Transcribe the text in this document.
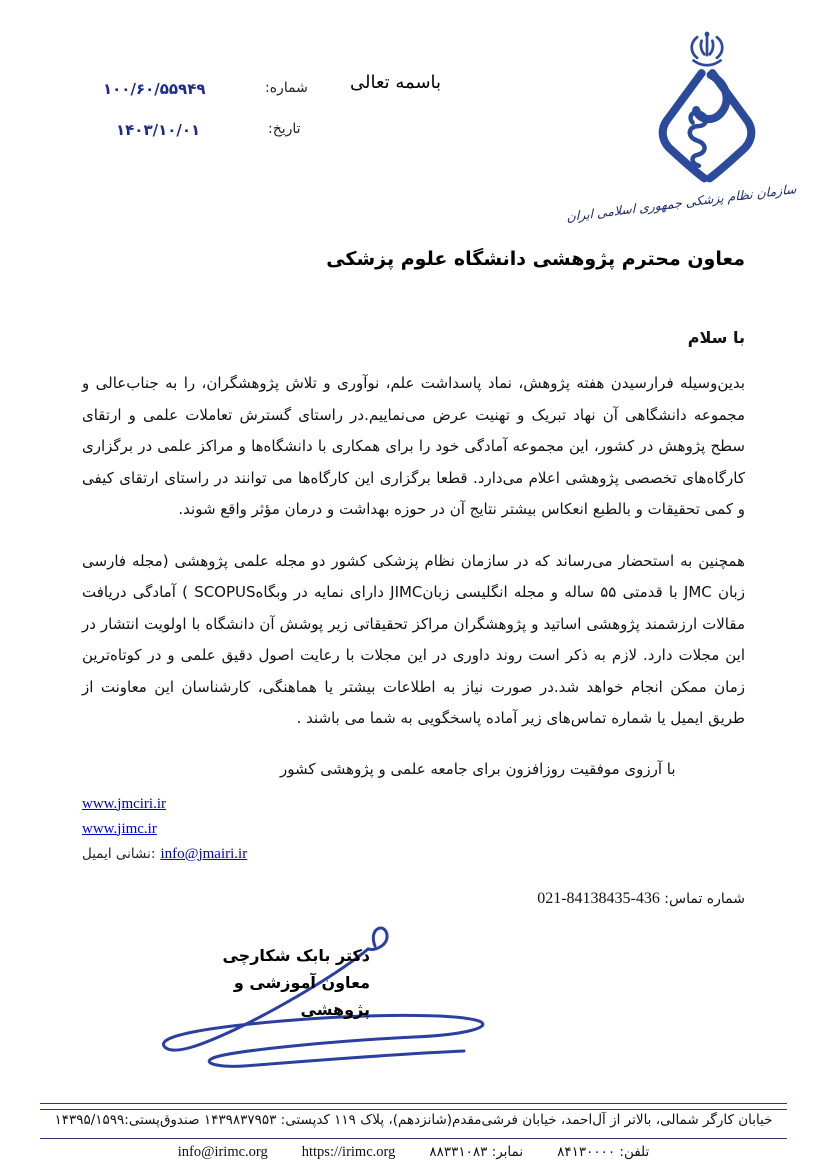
باسمه تعالی
شماره:
۱۰۰/۶۰/۵۵۹۴۹
تاریخ:
۱۴۰۳/۱۰/۰۱
سازمان نظام پزشکی جمهوری اسلامی ایران
معاون محترم پژوهشی دانشگاه علوم پزشکی
با سلام

بدین‌وسیله فرارسیدن هفته پژوهش، نماد پاسداشت علم، نوآوری و تلاش پژوهشگران، را به جناب‌عالی و مجموعه دانشگاهی آن نهاد تبریک و تهنیت عرض می‌نماییم.در راستای گسترش تعاملات علمی و ارتقای سطح پژوهش در کشور، این مجموعه آمادگی خود را برای همکاری با دانشگاه‌ها و مراکز علمی در برگزاری کارگاه‌های تخصصی پژوهشی اعلام می‌دارد. قطعا برگزاری این کارگاه‌ها می توانند در راستای ارتقای کیفی و کمی تحقیقات و بالطبع انعکاس بیشتر نتایج آن در حوزه بهداشت و درمان مؤثر واقع شوند.

همچنین به استحضار می‌رساند که در سازمان نظام پزشکی کشور دو مجله علمی پژوهشی (مجله فارسی زبان JMC با قدمتی ۵۵ ساله و مجله انگلیسی زبانJIMC دارای نمایه در وبگاهSCOPUS ) آمادگی دریافت مقالات ارزشمند پژوهشی اساتید و پژوهشگران مراکز تحقیقاتی زیر پوشش آن دانشگاه با اولویت انتشار در این مجلات دارد. لازم به ذکر است روند داوری در این مجلات با رعایت اصول دقیق علمی و در کوتاه‌ترین زمان ممکن انجام خواهد شد.در صورت نیاز به اطلاعات بیشتر یا هماهنگی، کارشناسان این معاونت از طریق ایمیل یا شماره تماس‌های زیر آماده پاسخگویی به شما می باشند .

با آرزوی موفقیت روزافزون برای جامعه علمی و پژوهشی کشور
www.jmciri.ir
www.jimc.ir
نشانی ایمیل: info@jmairi.ir
شماره تماس: 021-84138435-436
دکتر بابک شکارچی
معاون آموزشی و پژوهشی
خیابان کارگر شمالی، بالاتر از آل‌احمد، خیابان فرشی‌مقدم(شانزدهم)، پلاک ۱۱۹ کدپستی: ۱۴۳۹۸۳۷۹۵۳ صندوق‌پستی:۱۴۳۹۵/۱۵۹۹
تلفن: ۸۴۱۳۰۰۰۰
نمابر: ۸۸۳۳۱۰۸۳
https://irimc.org
info@irimc.org
